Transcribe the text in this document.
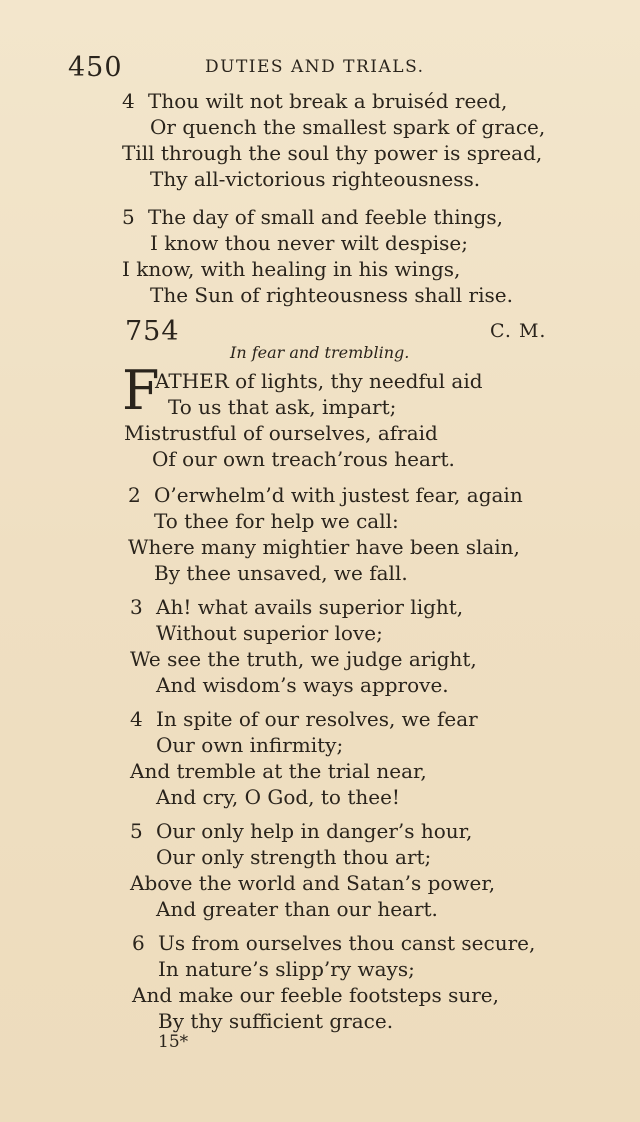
450	DUTIES AND TRIALS.
4 Thou wilt not break a bruiséd reed,
Or quench the smallest spark of grace,
Till through the soul thy power is spread,
Thy all-victorious righteousness.
5 The day of small and feeble things,
I know thou never wilt despise;
I know, with healing in his wings,
The Sun of righteousness shall rise.
754	C. M.
In fear and trembling.
F
ATHER of lights, thy needful aid
To us that ask, impart;
Mistrustful of ourselves, afraid
Of our own treach’rous heart.
2 O’erwhelm’d with justest fear, again
To thee for help we call:
Where many mightier have been slain,
By thee unsaved, we fall.
3 Ah! what avails superior light,
Without superior love;
We see the truth, we judge aright,
And wisdom’s ways approve.
4 In spite of our resolves, we fear
Our own infirmity;
And tremble at the trial near,
And cry, O God, to thee!
5 Our only help in danger’s hour,
Our only strength thou art;
Above the world and Satan’s power,
And greater than our heart.
6 Us from ourselves thou canst secure,
In nature’s slipp’ry ways;
And make our feeble footsteps sure,
By thy sufficient grace.
15*
